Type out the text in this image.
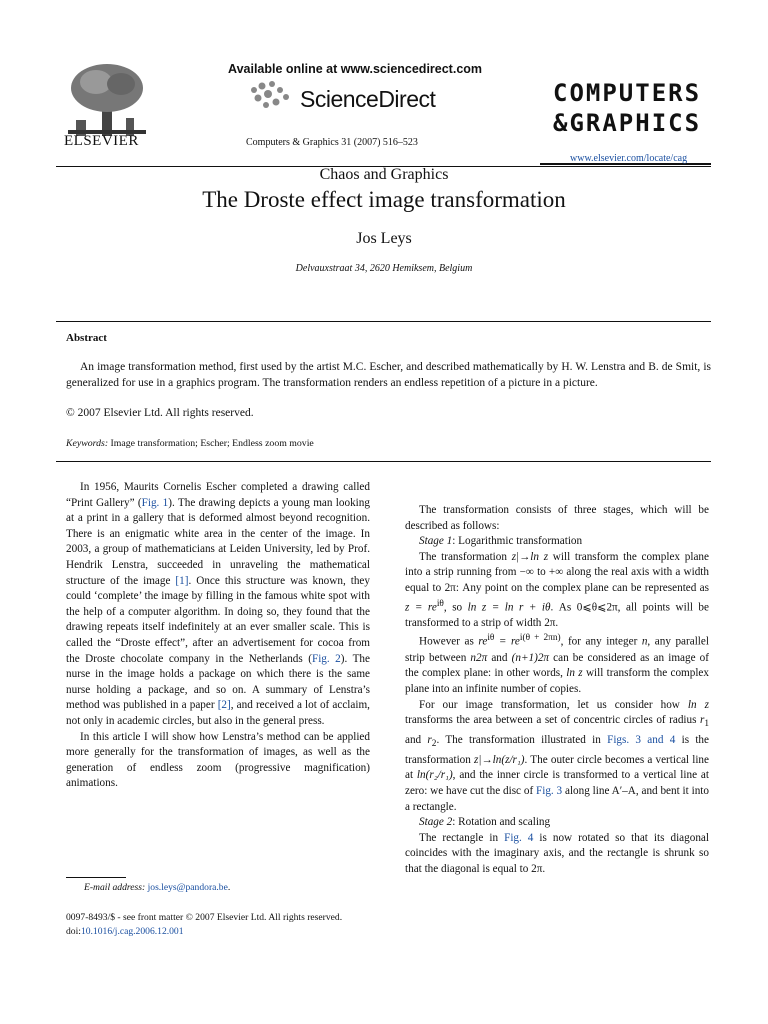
ELSEVIER
Available online at www.sciencedirect.com
ScienceDirect
Computers & Graphics 31 (2007) 516–523
COMPUTERS
&GRAPHICS
www.elsevier.com/locate/cag
Chaos and Graphics
The Droste effect image transformation
Jos Leys
Delvauxstraat 34, 2620 Hemiksem, Belgium
Abstract

An image transformation method, first used by the artist M.C. Escher, and described mathematically by H. W. Lenstra and B. de Smit, is generalized for use in a graphics program. The transformation renders an endless repetition of a picture in a picture.

© 2007 Elsevier Ltd. All rights reserved.
Keywords: Image transformation; Escher; Endless zoom movie

In 1956, Maurits Cornelis Escher completed a drawing called “Print Gallery” (Fig. 1). The drawing depicts a young man looking at a print in a gallery that is deformed almost beyond recognition. There is an enigmatic white area in the center of the image. In 2003, a group of mathematicians at Leiden University, led by Prof. Hendrik Lenstra, succeeded in unraveling the mathematical structure of the image [1]. Once this structure was known, they could ‘complete’ the image by filling in the famous white spot with the help of a computer algorithm. In doing so, they found that the drawing repeats itself indefinitely at an ever smaller scale. This is called the “Droste effect”, after an advertisement for cocoa from the Droste chocolate company in the Netherlands (Fig. 2). The nurse in the image holds a package on which there is the same nurse holding a package, and so on. A summary of Lenstra’s method was published in a paper [2], and received a lot of acclaim, not only in academic circles, but also in the general press.

In this article I will show how Lenstra’s method can be applied more generally for the transformation of images, as well as the generation of endless zoom (progressive magnification) animations.

The transformation consists of three stages, which will be described as follows:

Stage 1: Logarithmic transformation

The transformation z|→ln z will transform the complex plane into a strip running from −∞ to +∞ along the real axis with a width equal to 2π: Any point on the complex plane can be represented as $z = re^{i\theta}$, so ln z = ln r + iθ. As 0⩽θ⩽2π, all points will be transformed to a strip of width 2π.

However as $re^{i\theta} = re^{i(\theta + 2\pi n)}$, for any integer n, any parallel strip between n2π and (n+1)2π can be considered as an image of the complex plane: in other words, ln z will transform the complex plane into an infinite number of copies.

For our image transformation, let us consider how ln z transforms the area between a set of concentric circles of radius $r_1$ and $r_2$. The transformation illustrated in Figs. 3 and 4 is the transformation z|→ln(z/r₁). The outer circle becomes a vertical line at ln(r₂/r₁), and the inner circle is transformed to a vertical line at zero: we have cut the disc of Fig. 3 along line A′–A, and bent it into a rectangle.

Stage 2: Rotation and scaling

The rectangle in Fig. 4 is now rotated so that its diagonal coincides with the imaginary axis, and the rectangle is shrunk so that the diagonal is equal to 2π.

E-mail address: jos.leys@pandora.be.
0097-8493/$ - see front matter © 2007 Elsevier Ltd. All rights reserved.
doi:10.1016/j.cag.2006.12.001
